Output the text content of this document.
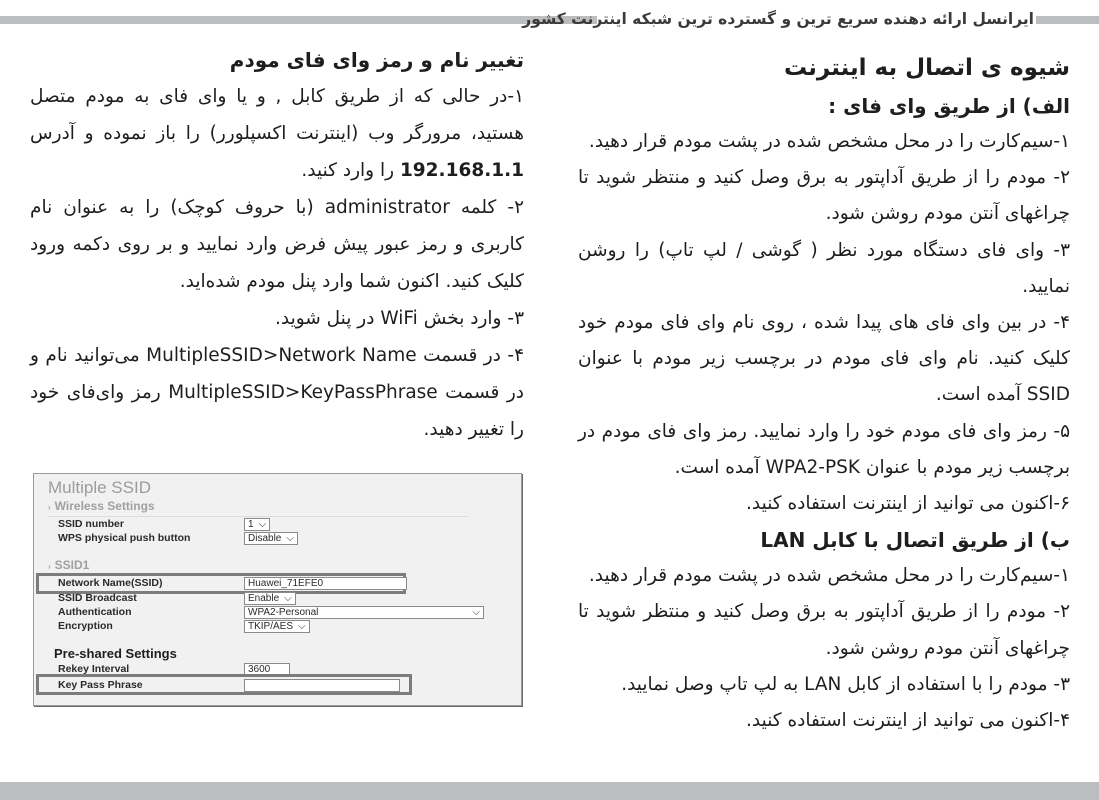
ایرانسل ارائه دهنده سریع ترین و گسترده ترین شبکه اینترنت کشور

شیوه ی اتصال به اینترنت

الف) از طریق وای فای :

۱-سیم‌کارت را در محل مشخص شده در پشت مودم قرار دهید.

۲- مودم را از طریق آداپتور به برق وصل کنید و منتظر شوید تا چراغهای آنتن مودم روشن شود.

۳- وای فای دستگاه مورد نظر ( گوشی / لپ تاپ) را روشن نمایید.

۴- در بین وای فای های پیدا شده ، روی نام وای فای مودم خود کلیک کنید. نام وای فای مودم در برچسب زیر مودم با عنوان SSID آمده است.

۵- رمز وای فای مودم خود را وارد نمایید. رمز وای فای مودم در برچسب زیر مودم با عنوان WPA2-PSK آمده است.

۶-اکنون می توانید از اینترنت استفاده کنید.

ب) از طریق اتصال با کابل LAN

۱-سیم‌کارت را در محل مشخص شده در پشت مودم قرار دهید.

۲- مودم را از طریق آداپتور به برق وصل کنید و منتظر شوید تا چراغهای آنتن مودم روشن شود.

۳- مودم را با استفاده از کابل LAN به لپ تاپ وصل نمایید.

۴-اکنون می توانید از اینترنت استفاده کنید.

تغییر نام و رمز وای فای مودم

۱-در حالی که از طریق کابل , و یا وای فای به مودم متصل هستید، مرورگر وب (اینترنت اکسپلورر) را باز نموده و آدرس 192.168.1.1 را وارد کنید.

۲- کلمه administrator (با حروف کوچک) را به عنوان نام کاربری و رمز عبور پیش فرض وارد نمایید و بر روی دکمه ورود کلیک کنید. اکنون شما وارد پنل مودم شده‌اید.

۳- وارد بخش WiFi در پنل شوید.

۴- در قسمت MultipleSSID>Network Name می‌توانید نام و در قسمت MultipleSSID>KeyPassPhrase رمز وای‌فای خود را تغییر دهید.

Multiple SSID
› Wireless Settings
SSID number	1 ⌵
WPS physical push button	Disable ⌵
› SSID1
Network Name(SSID)	Huawei_71EFE0
SSID Broadcast	Enable ⌵
Authentication	WPA2-Personal	⌵
Encryption	TKIP/AES ⌵
Pre-shared Settings
Rekey Interval	3600
Key Pass Phrase
